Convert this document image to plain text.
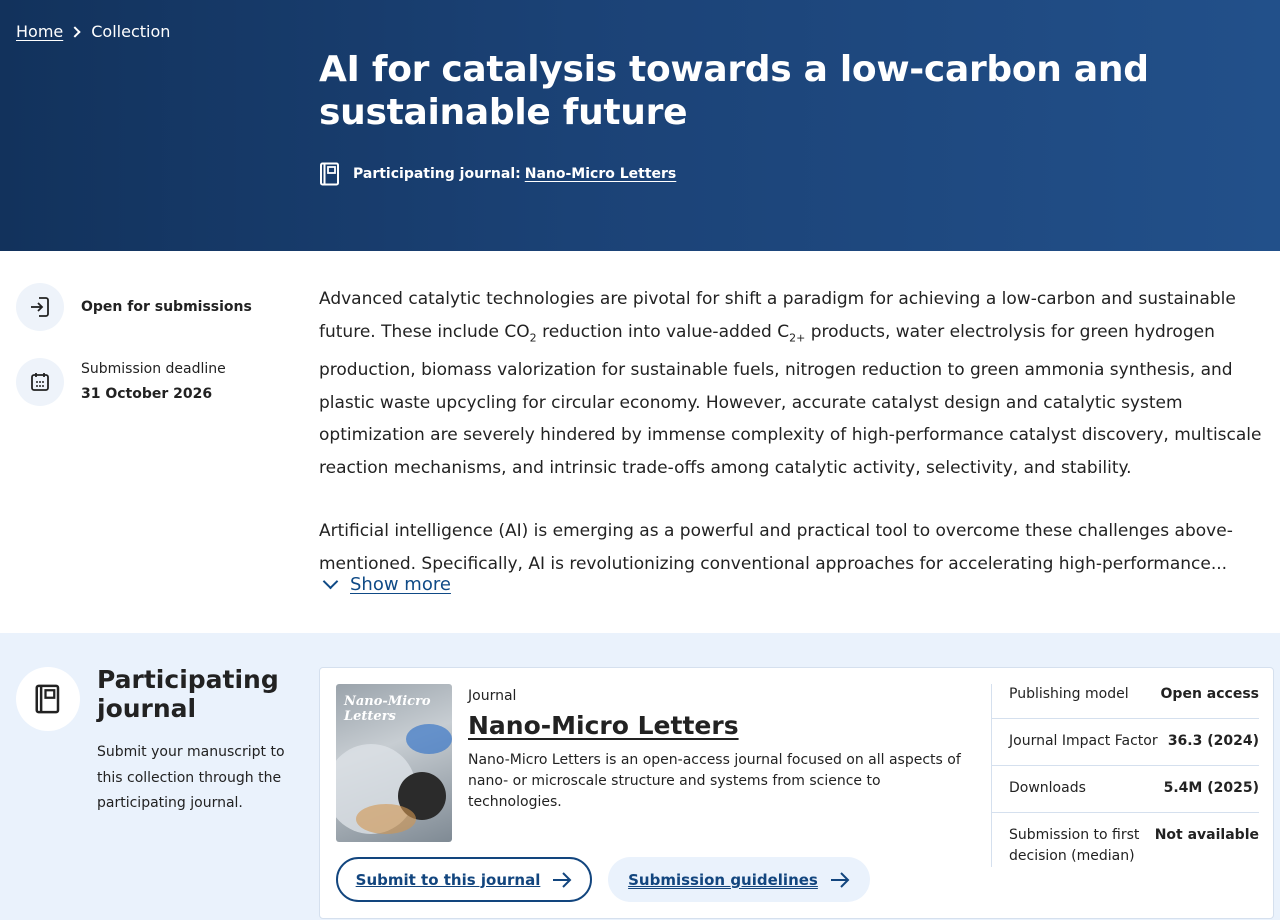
Home Collection
AI for catalysis towards a low-carbon and sustainable future
Participating journal: Nano-Micro Letters
Open for submissions
Submission deadline
31 October 2026

Advanced catalytic technologies are pivotal for shift a paradigm for achieving a low-carbon and sustainable future. These include $CO_2$ reduction into value-added $C_{2+}$ products, water electrolysis for green hydrogen production, biomass valorization for sustainable fuels, nitrogen reduction to green ammonia synthesis, and plastic waste upcycling for circular economy. However, accurate catalyst design and catalytic system optimization are severely hindered by immense complexity of high-performance catalyst discovery, multiscale reaction mechanisms, and intrinsic trade-offs among catalytic activity, selectivity, and stability.

Artificial intelligence (AI) is emerging as a powerful and practical tool to overcome these challenges above-mentioned. Specifically, AI is revolutionizing conventional approaches for accelerating high-performance...

Show more
Participating journal

Submit your manuscript to this collection through the participating journal.

Nano-Micro Letters
Journal
Nano-Micro Letters

Nano-Micro Letters is an open-access journal focused on all aspects of nano- or microscale structure and systems from science to technologies.

Publishing model Open access
Journal Impact Factor 36.3 (2024)
Downloads	5.4M (2025)
Submission to first decision (median)
Not available
Submit to this journal	Submission guidelines
